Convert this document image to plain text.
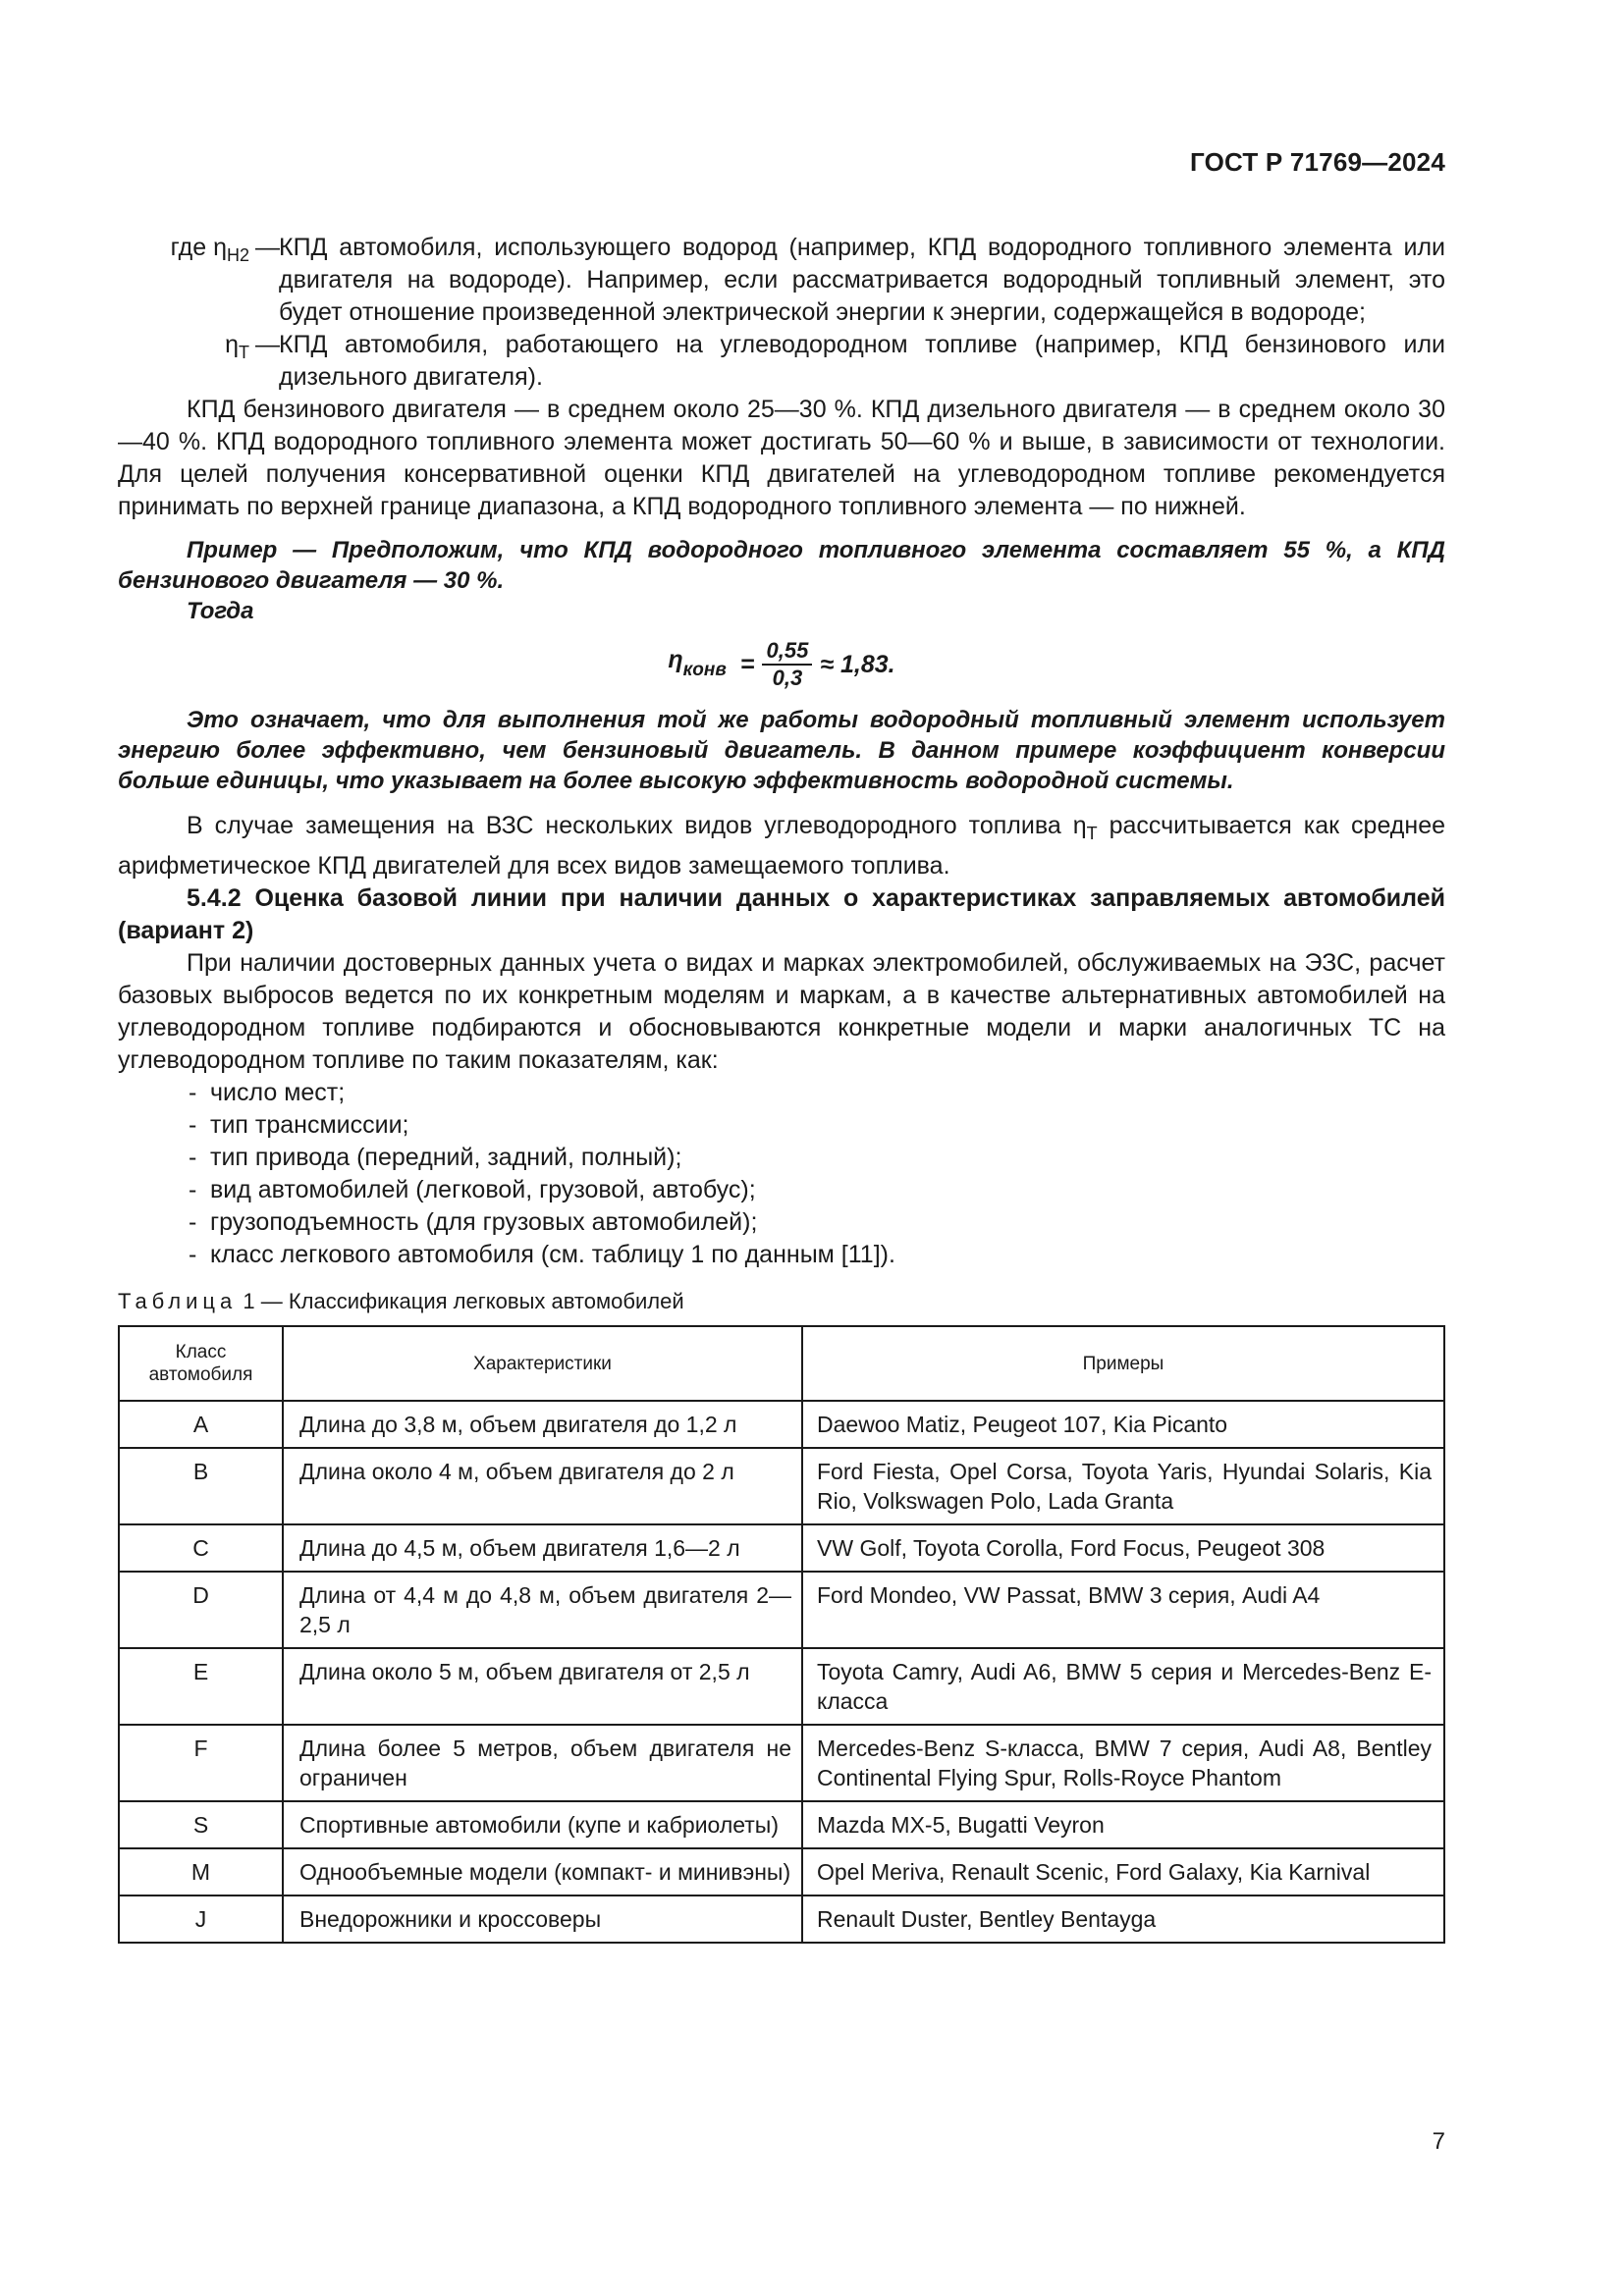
ГОСТ Р 71769—2024
где $\eta_{H2}$ — КПД автомобиля, использующего водород (например, КПД водородного топливного элемента или двигателя на водороде). Например, если рассматривается водородный топливный элемент, это будет отношение произведенной электрической энергии к энергии, содержащейся в водороде;
$\eta_T$ — КПД автомобиля, работающего на углеводородном топливе (например, КПД бензинового или дизельного двигателя).

КПД бензинового двигателя — в среднем около 25—30 %. КПД дизельного двигателя — в среднем около 30—40 %. КПД водородного топливного элемента может достигать 50—60 % и выше, в зависимости от технологии. Для целей получения консервативной оценки КПД двигателей на углеводородном топливе рекомендуется принимать по верхней границе диапазона, а КПД водородного топливного элемента — по нижней.

Пример — Предположим, что КПД водородного топливного элемента составляет 55 %, а КПД бензинового двигателя — 30 %.

Тогда

$\eta_{конв} = \frac{0,55}{0,3} \approx 1,83$.

Это означает, что для выполнения той же работы водородный топливный элемент использует энергию более эффективно, чем бензиновый двигатель. В данном примере коэффициент конверсии больше единицы, что указывает на более высокую эффективность водородной системы.

В случае замещения на ВЗС нескольких видов углеводородного топлива $\eta_T$ рассчитывается как среднее арифметическое КПД двигателей для всех видов замещаемого топлива.

5.4.2 Оценка базовой линии при наличии данных о характеристиках заправляемых автомобилей (вариант 2)

При наличии достоверных данных учета о видах и марках электромобилей, обслуживаемых на ЭЗС, расчет базовых выбросов ведется по их конкретным моделям и маркам, а в качестве альтернативных автомобилей на углеводородном топливе подбираются и обосновываются конкретные модели и марки аналогичных ТС на углеводородном топливе по таким показателям, как:

- число мест;
- тип трансмиссии;
- тип привода (передний, задний, полный);
- вид автомобилей (легковой, грузовой, автобус);
- грузоподъемность (для грузовых автомобилей);
- класс легкового автомобиля (см. таблицу 1 по данным [11]).
Таблица 1 — Классификация легковых автомобилей
Класс автомобиля	Характеристики	Примеры
A	Длина до 3,8 м, объем двигателя до 1,2 л	Daewoo Matiz, Peugeot 107, Kia Picanto
B	Длина около 4 м, объем двигателя до 2 л	Ford Fiesta, Opel Corsa, Toyota Yaris, Hyundai Solaris, Kia Rio, Volkswagen Polo, Lada Granta
C	Длина до 4,5 м, объем двигателя 1,6—2 л	VW Golf, Toyota Corolla, Ford Focus, Peugeot 308
D	Длина от 4,4 м до 4,8 м, объем двигателя 2—2,5 л	Ford Mondeo, VW Passat, BMW 3 серия, Audi A4
E	Длина около 5 м, объем двигателя от 2,5 л	Toyota Camry, Audi A6, BMW 5 серия и Mercedes-Benz E-класса
F	Длина более 5 метров, объем двигателя не ограничен	Mercedes-Benz S-класса, BMW 7 серия, Audi A8, Bentley Continental Flying Spur, Rolls-Royce Phantom
S	Спортивные автомобили (купе и кабриолеты)	Mazda MX-5, Bugatti Veyron
M	Однообъемные модели (компакт- и минивэны)	Opel Meriva, Renault Scenic, Ford Galaxy, Kia Karnival
J	Внедорожники и кроссоверы	Renault Duster, Bentley Bentayga
7
